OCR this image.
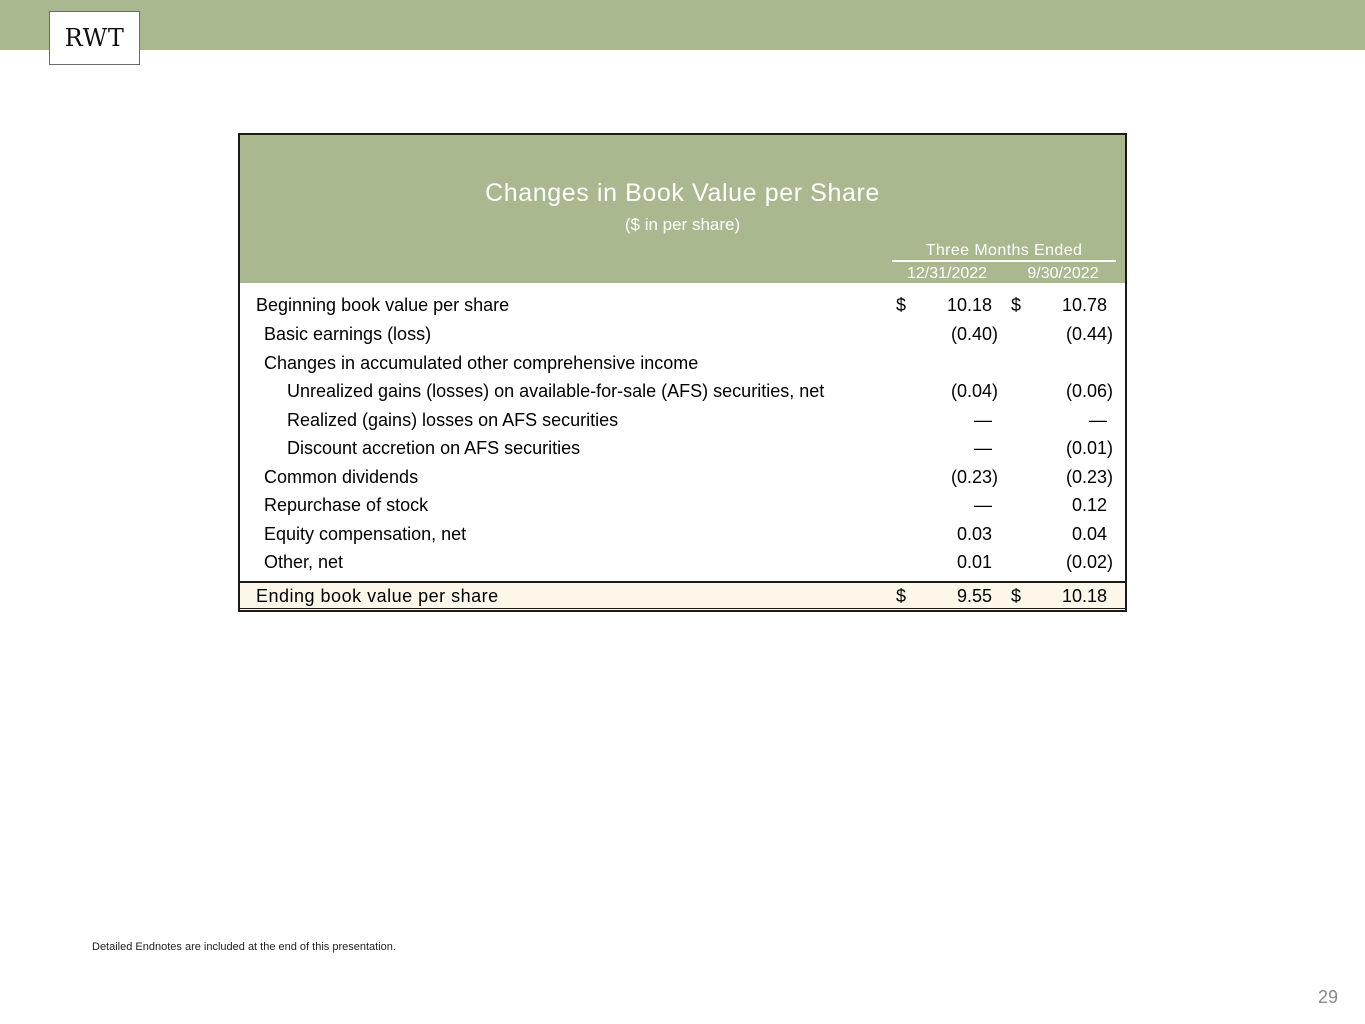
RWT
Changes in Book Value per Share
($ in per share)
Three Months Ended
12/31/2022	9/30/2022
Beginning book value per share	$ 10.18 $ 10.78
Basic earnings (loss)	(0.40)	(0.44)
Changes in accumulated other comprehensive income
Unrealized gains (losses) on available-for-sale (AFS) securities, net	(0.04)	(0.06)
Realized (gains) losses on AFS securities	—	—
Discount accretion on AFS securities	—	(0.01)
Common dividends	(0.23)	(0.23)
Repurchase of stock	—	0.12
Equity compensation, net	0.03	0.04
Other, net	0.01	(0.02)
Ending book value per share	$	9.55 $ 10.18
Detailed Endnotes are included at the end of this presentation.
29
